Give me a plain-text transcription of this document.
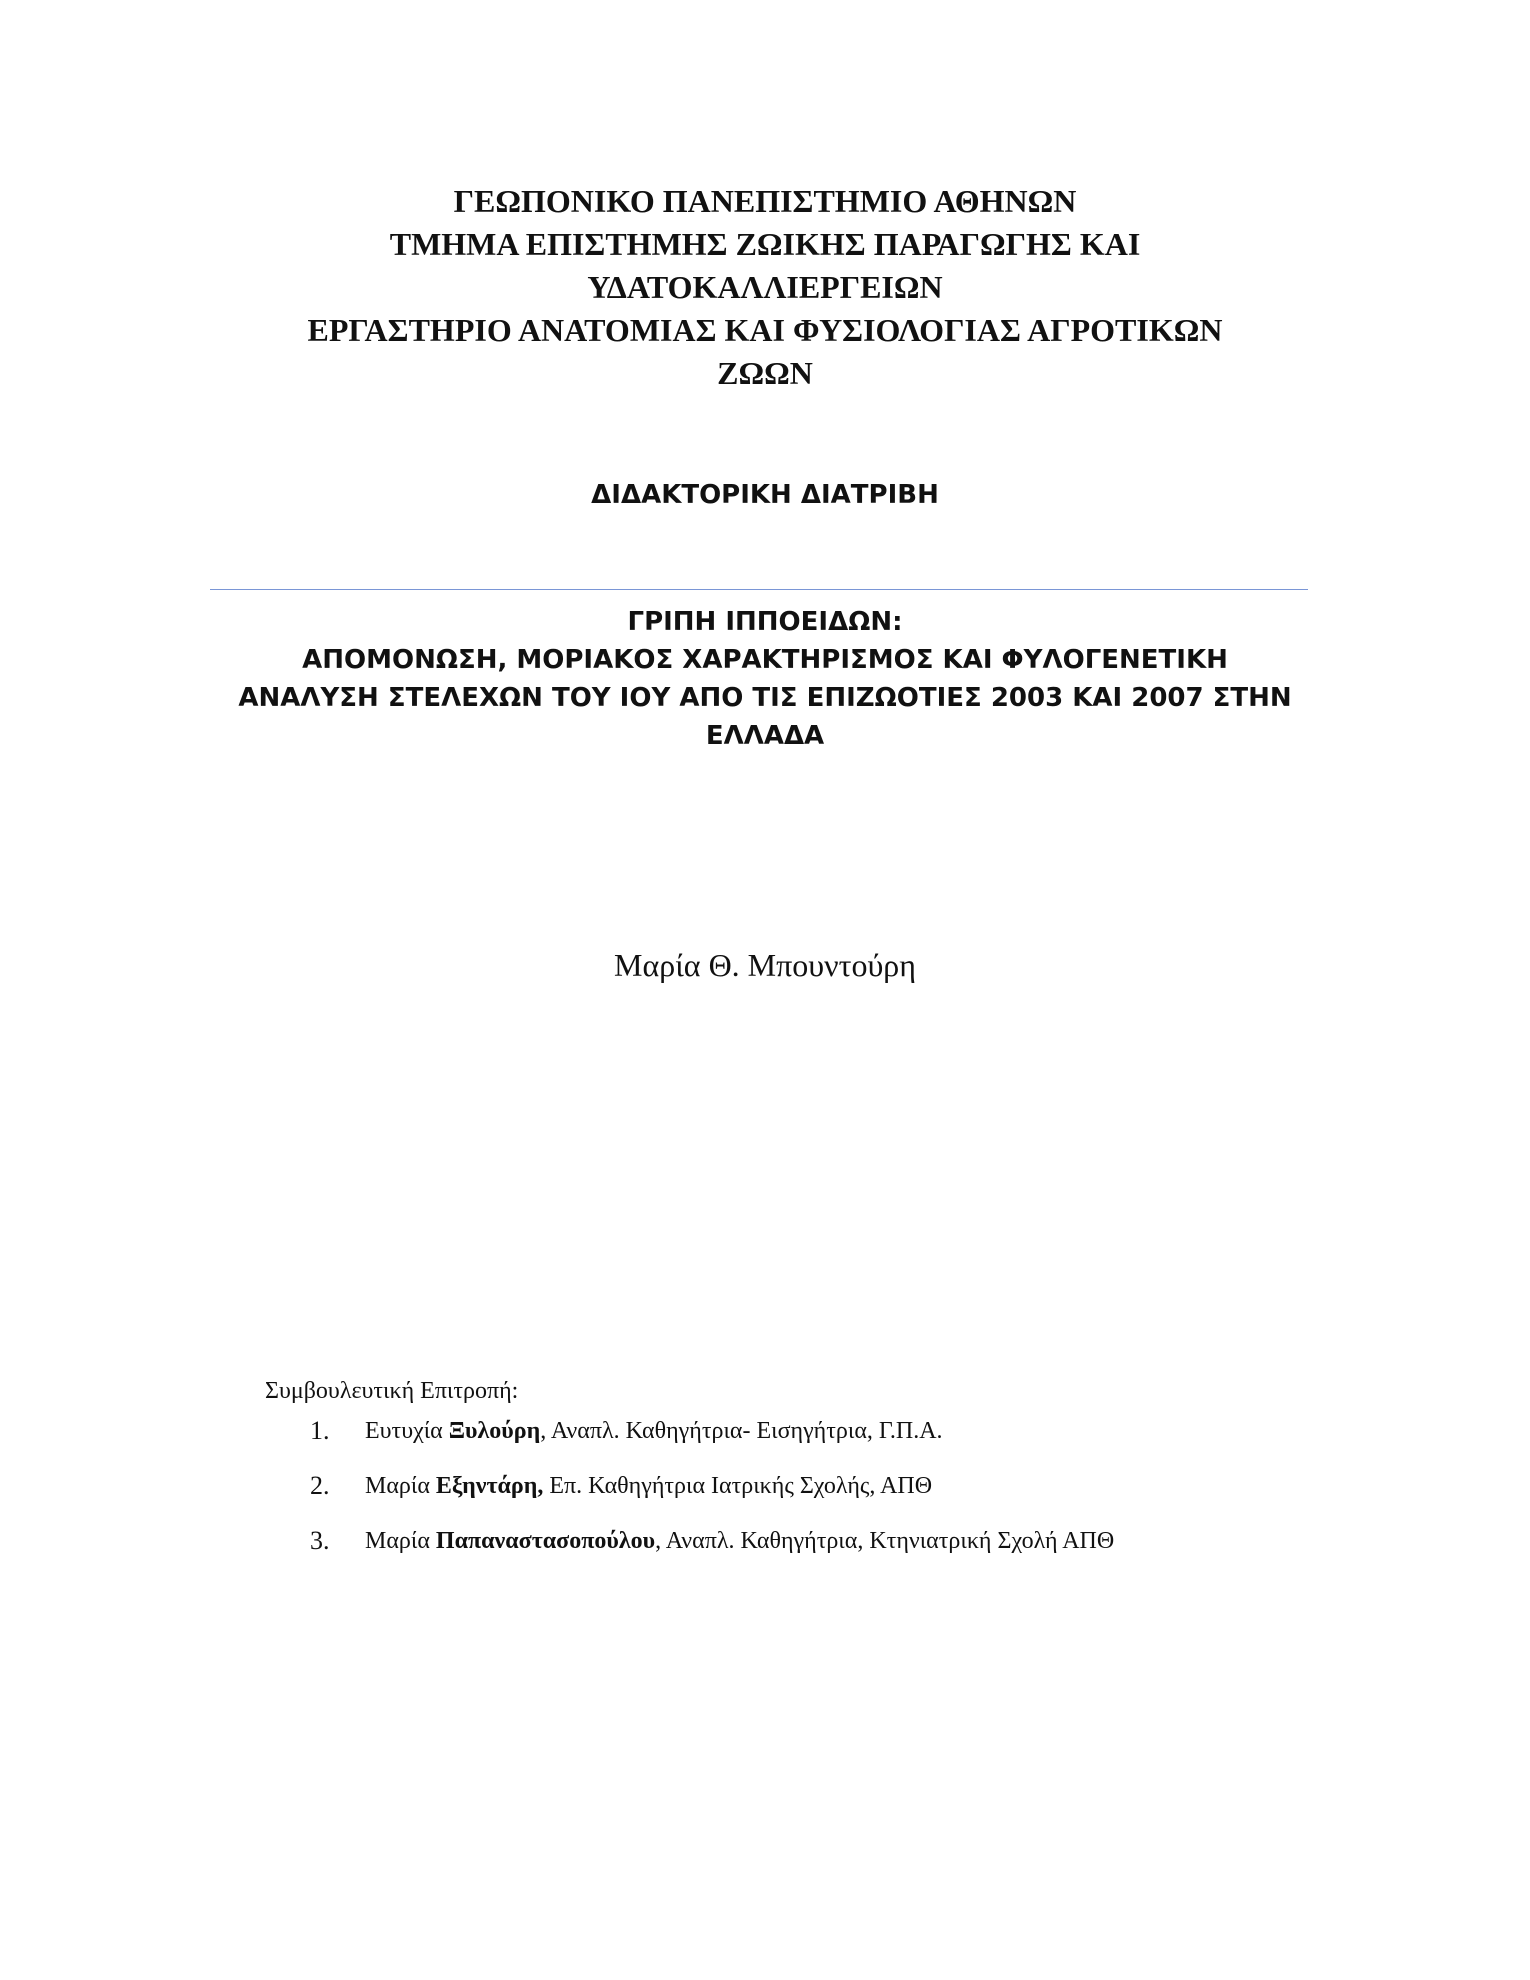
ΓΕΩΠΟΝΙΚΟ ΠΑΝΕΠΙΣΤΗΜΙΟ ΑΘΗΝΩΝ
ΤΜΗΜΑ ΕΠΙΣΤΗΜΗΣ ΖΩΙΚΗΣ ΠΑΡΑΓΩΓΗΣ ΚΑΙ
ΥΔΑΤΟΚΑΛΛΙΕΡΓΕΙΩΝ
ΕΡΓΑΣΤΗΡΙΟ ΑΝΑΤΟΜΙΑΣ ΚΑΙ ΦΥΣΙΟΛΟΓΙΑΣ ΑΓΡΟΤΙΚΩΝ
ΖΩΩΝ
ΔΙΔΑΚΤΟΡΙΚΗ ΔΙΑΤΡΙΒΗ
ΓΡΙΠΗ ΙΠΠΟΕΙΔΩΝ:
ΑΠΟΜΟΝΩΣΗ, ΜΟΡΙΑΚΟΣ ΧΑΡΑΚΤΗΡΙΣΜΟΣ ΚΑΙ ΦΥΛΟΓΕΝΕΤΙΚΗ
ΑΝΑΛΥΣΗ ΣΤΕΛΕΧΩΝ ΤΟΥ ΙΟΥ ΑΠΟ ΤΙΣ ΕΠΙΖΩΟΤΙΕΣ 2003 ΚΑΙ 2007 ΣΤΗΝ
ΕΛΛΑΔΑ
Μαρία Θ. Μπουντούρη
Συμβουλευτική Επιτροπή:
1. Ευτυχία Ξυλούρη, Αναπλ. Καθηγήτρια- Εισηγήτρια, Γ.Π.Α.
2. Μαρία Εξηντάρη, Επ. Καθηγήτρια Ιατρικής Σχολής, ΑΠΘ
3. Μαρία Παπαναστασοπούλου, Αναπλ. Καθηγήτρια, Κτηνιατρική Σχολή ΑΠΘ
